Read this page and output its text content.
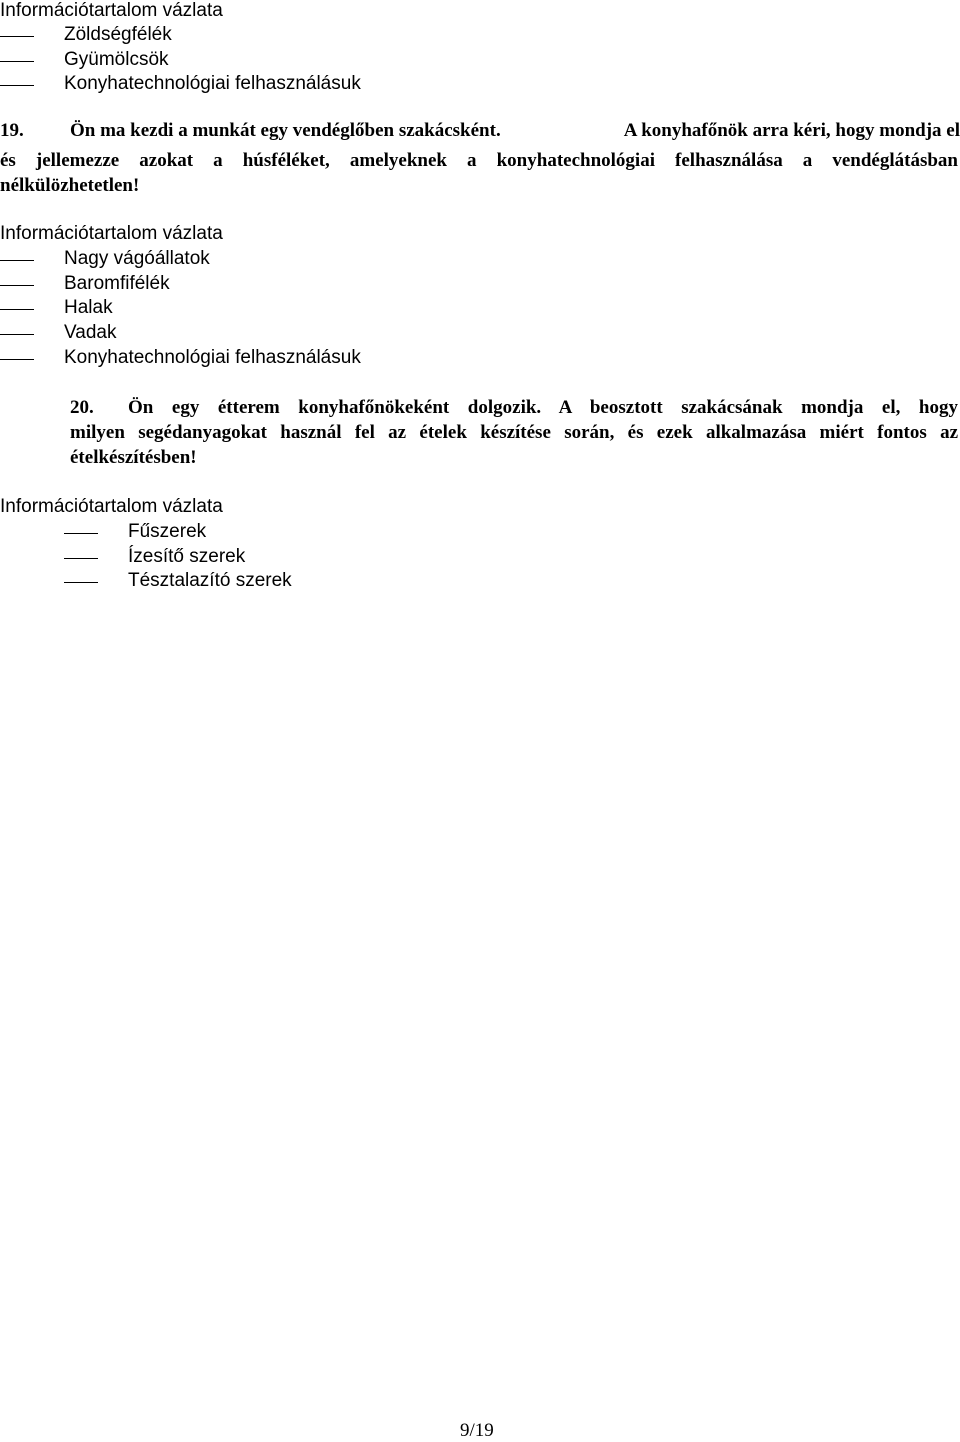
Információtartalom vázlata
Zöldségfélék
Gyümölcsök
Konyhatechnológiai felhasználásuk
19. Ön ma kezdi a munkát egy vendéglőben szakácsként.	A konyhafőnök arra kéri, hogy mondja el
és jellemezze azokat a húsféléket, amelyeknek a konyhatechnológiai felhasználása a vendéglátásban
nélkülözhetetlen!
Információtartalom vázlata
Nagy vágóállatok
Baromfifélék
Halak
Vadak
Konyhatechnológiai felhasználásuk
20. Ön egy étterem konyhafőnökeként dolgozik. A beosztott szakácsának mondja el, hogy
milyen segédanyagokat használ fel az ételek készítése során, és ezek alkalmazása miért fontos az
ételkészítésben!
Információtartalom vázlata
Fűszerek
Ízesítő szerek
Tésztalazító szerek
9/19
